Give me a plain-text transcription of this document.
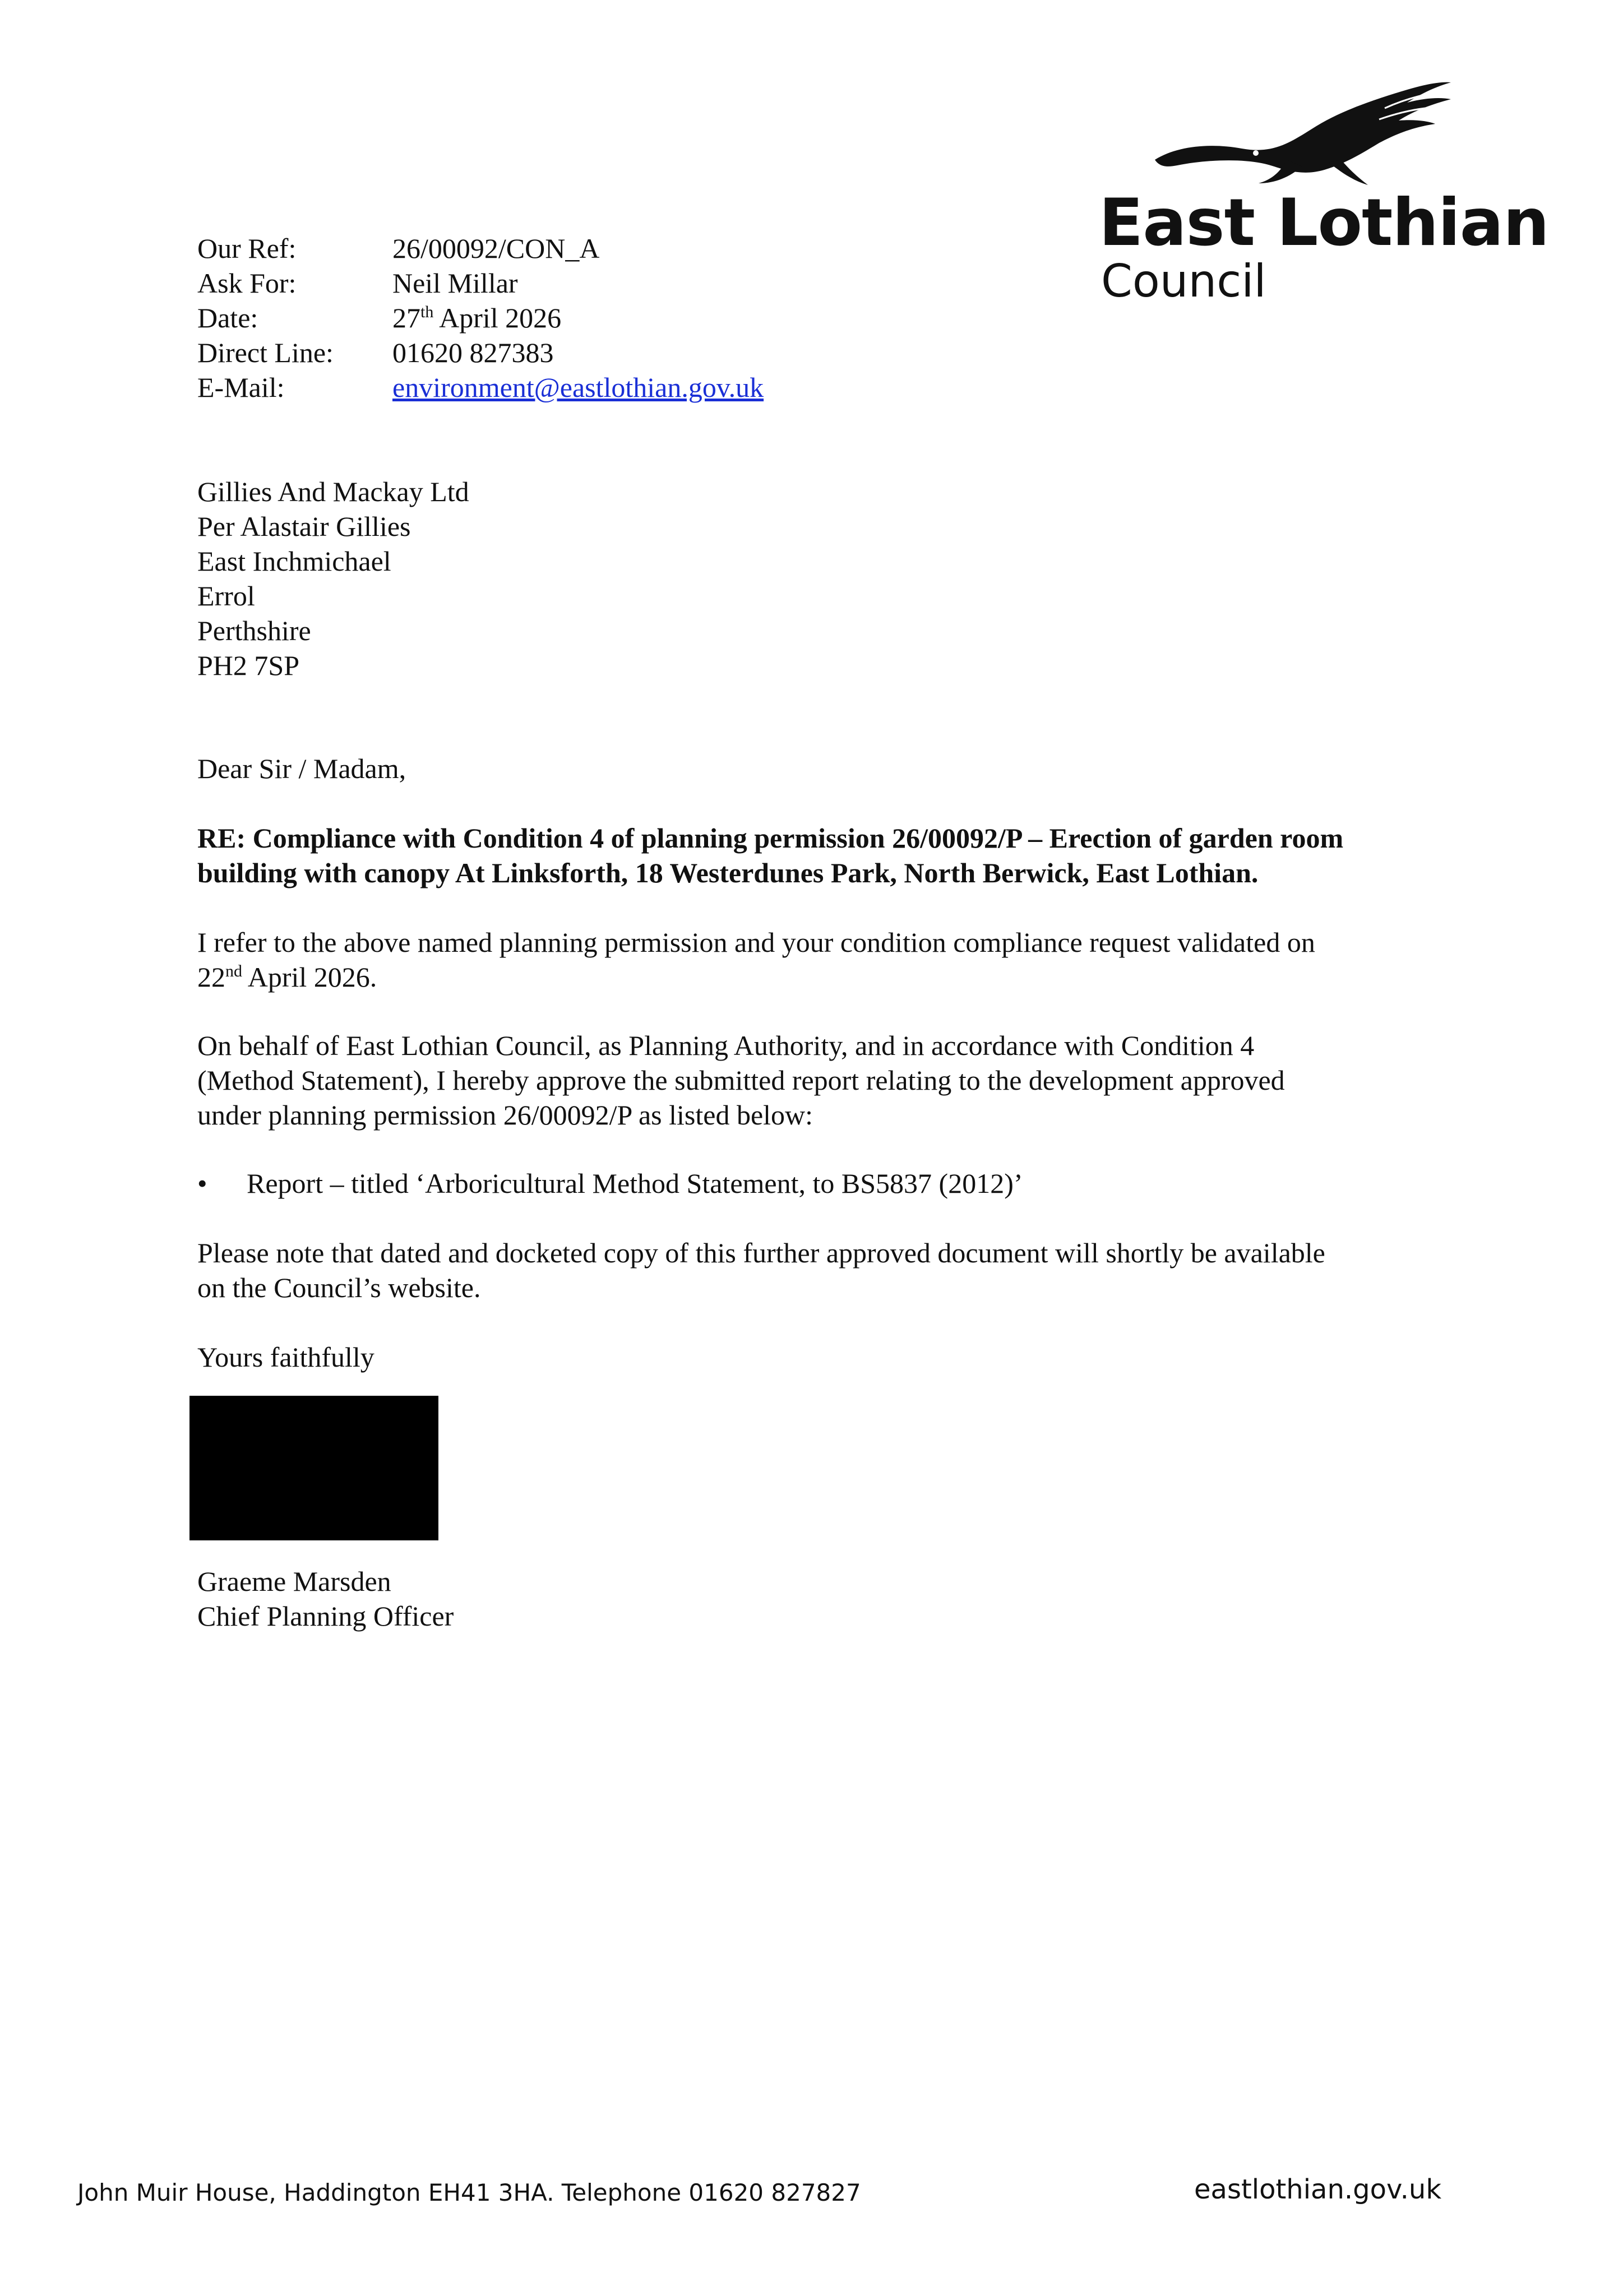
East Lothian
Council
Our Ref:	26/00092/CON_A
Ask For:	Neil Millar
Date:	27th April 2026
Direct Line: 01620 827383
E-Mail:	environment@eastlothian.gov.uk
Gillies And Mackay Ltd
Per Alastair Gillies
East Inchmichael
Errol
Perthshire
PH2 7SP
Dear Sir / Madam,
RE: Compliance with Condition 4 of planning permission 26/00092/P – Erection of garden room
building with canopy At Linksforth, 18 Westerdunes Park, North Berwick, East Lothian.
I refer to the above named planning permission and your condition compliance request validated on
22nd April 2026.
On behalf of East Lothian Council, as Planning Authority, and in accordance with Condition 4
(Method Statement), I hereby approve the submitted report relating to the development approved
under planning permission 26/00092/P as listed below:
• Report – titled ‘Arboricultural Method Statement, to BS5837 (2012)’
Please note that dated and docketed copy of this further approved document will shortly be available
on the Council’s website.
Yours faithfully
Graeme Marsden
Chief Planning Officer
John Muir House, Haddington EH41 3HA. Telephone 01620 827827	eastlothian.gov.uk
